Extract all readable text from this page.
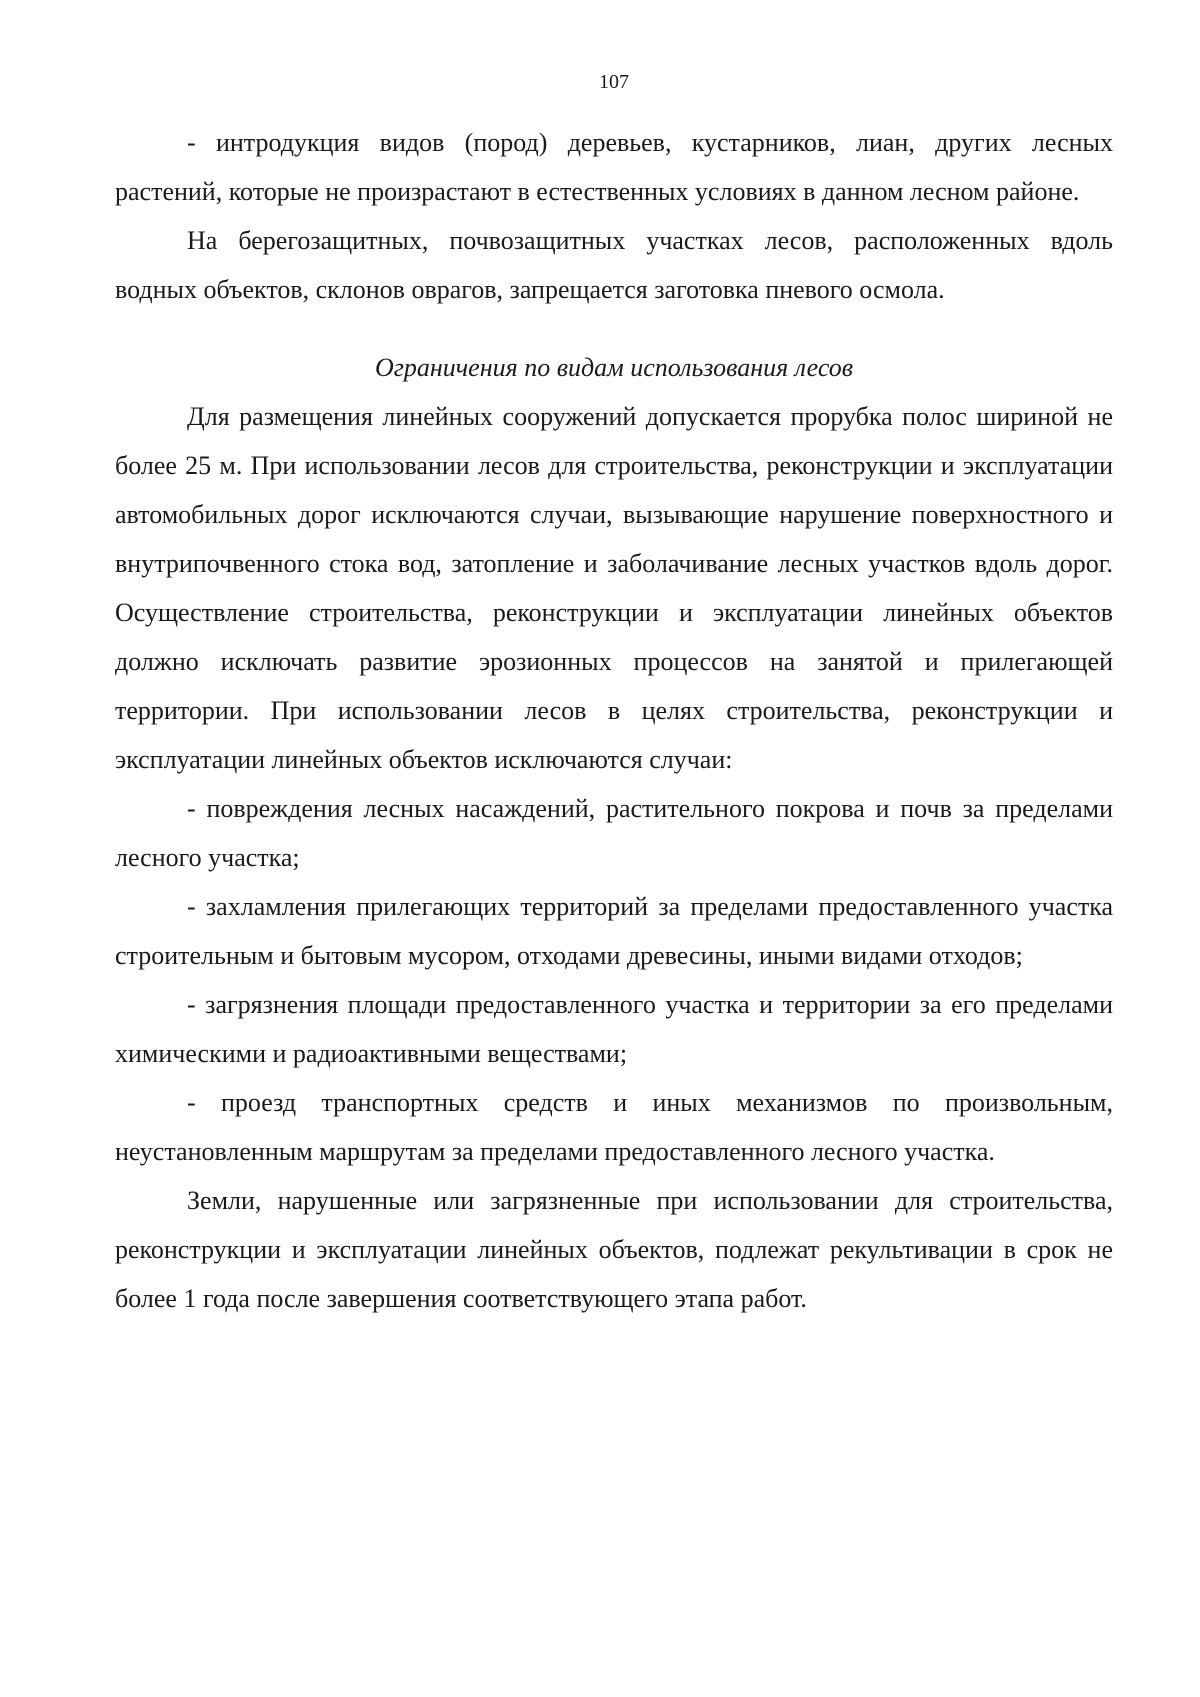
107

- интродукция видов (пород) деревьев, кустарников, лиан, других лесных растений, которые не произрастают в естественных условиях в данном лесном районе.

На берегозащитных, почвозащитных участках лесов, расположенных вдоль водных объектов, склонов оврагов, запрещается заготовка пневого осмола.

Ограничения по видам использования лесов

Для размещения линейных сооружений допускается прорубка полос шириной не более 25 м. При использовании лесов для строительства, реконструкции и эксплуатации автомобильных дорог исключаются случаи, вызывающие нарушение поверхностного и внутрипочвенного стока вод, затопление и заболачивание лесных участков вдоль дорог. Осуществление строительства, реконструкции и эксплуатации линейных объектов должно исключать развитие эрозионных процессов на занятой и прилегающей территории. При использовании лесов в целях строительства, реконструкции и эксплуатации линейных объектов исключаются случаи:

- повреждения лесных насаждений, растительного покрова и почв за пределами лесного участка;

- захламления прилегающих территорий за пределами предоставленного участка строительным и бытовым мусором, отходами древесины, иными видами отходов;

- загрязнения площади предоставленного участка и территории за его пределами химическими и радиоактивными веществами;

- проезд транспортных средств и иных механизмов по произвольным, неустановленным маршрутам за пределами предоставленного лесного участка.

Земли, нарушенные или загрязненные при использовании для строительства, реконструкции и эксплуатации линейных объектов, подлежат рекультивации в срок не более 1 года после завершения соответствующего этапа работ.
